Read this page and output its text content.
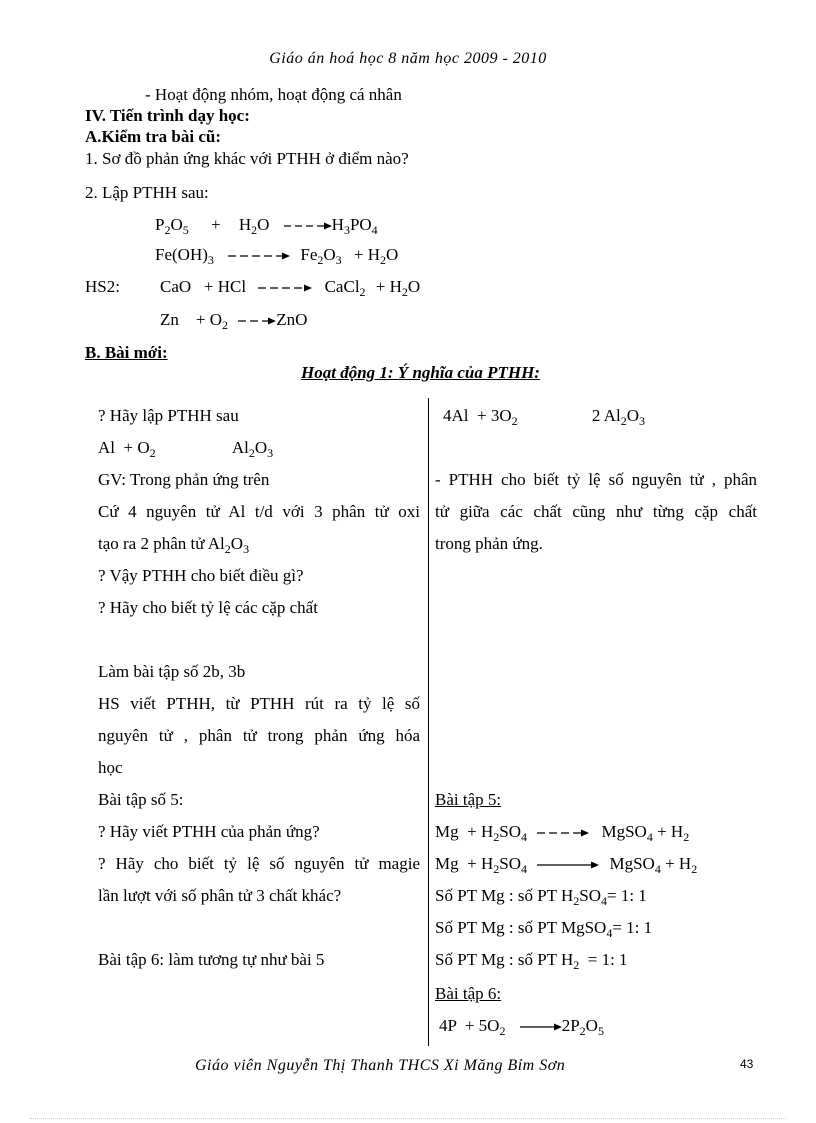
Giáo án hoá học 8 năm học 2009 - 2010
- Hoạt động nhóm, hoạt động cá nhân
IV. Tiến trình dạy học:
A.Kiểm tra bài cũ:
1. Sơ đồ phản ứng khác với PTHH ở điểm nào?
2. Lập PTHH sau:
$P_2O_5 + H_2O$	$H_3PO_4$
$Fe(OH)_3$	$Fe_2O_3 + H_2O$
HS2: CaO   + HCl	CaCl$_2$ + $H_2O$
Zn    + $O_2$	ZnO
B. Bài mới:
Hoạt động 1: Ý nghĩa của PTHH:
? Hãy lập PTHH sau
$Al + O_2$	$Al_2O_3$
GV: Trong phản ứng trên
Cứ 4 nguyên tử Al t/d với 3 phân tử oxi
tạo ra 2 phân tử $Al_2O_3$
? Vậy PTHH cho biết điều gì?
? Hãy cho biết tỷ lệ các cặp chất
Làm bài tập số 2b, 3b
HS viết PTHH, từ PTHH rút ra tỷ lệ số
nguyên tử , phân tử trong phản ứng hóa
học
Bài tập số 5:
? Hãy viết PTHH của phản ứng?
? Hãy cho biết tỷ lệ số nguyên tử magie
lần lượt với số phân tử 3 chất khác?
Bài tập 6: làm tương tự như bài 5
$4Al + 3O_2$	2 $Al_2O_3$
- PTHH cho biết tỷ lệ số nguyên tử , phân
tử giữa các chất cũng như từng cặp chất
trong phản ứng.
Bài tập 5:
$Mg + H_2SO_4$	MgSO$_4$ + $H_2$
$Mg + H_2SO_4$	MgSO$_4$ + $H_2$
Số PT Mg : số PT $H_2SO_4= 1$: 1
Số PT Mg : số PT MgSO$_4$= 1: 1
Số PT Mg : số PT $H_2 = 1$: 1
Bài tập 6:
$4P + 5O_2$	$2P_2O_5$
Giáo viên Nguyễn Thị Thanh THCS Xi Măng Bỉm Sơn	43
